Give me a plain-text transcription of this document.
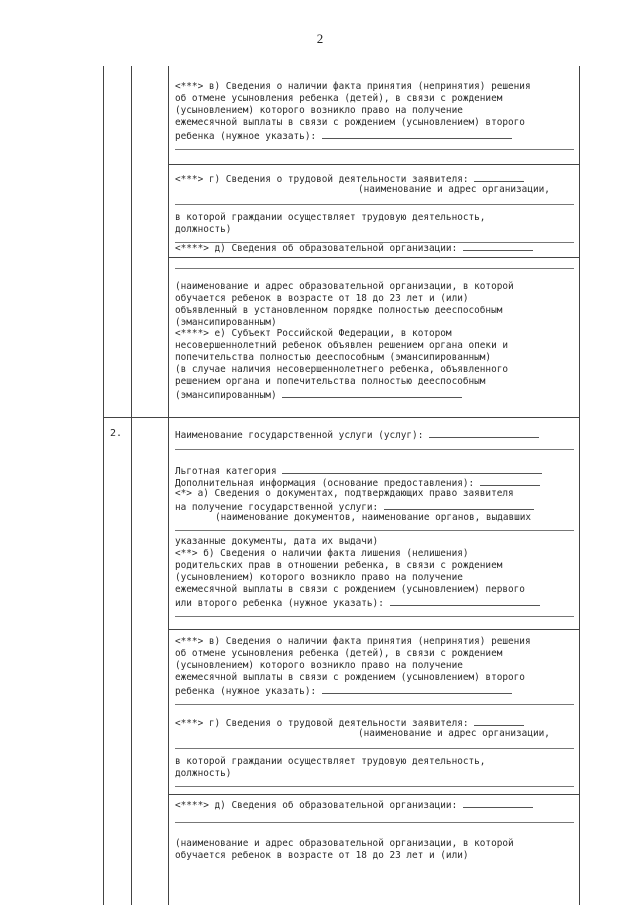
2
2.
<***> в) Сведения о наличии факта принятия (непринятия) решения
об отмене усыновления ребенка (детей), в связи с рождением
(усыновлением) которого возникло право на получение
ежемесячной выплаты в связи с рождением (усыновлением) второго
ребенка (нужное указать):
<***> г) Сведения о трудовой деятельности заявителя:
(наименование и адрес организации,
в которой граждании осуществляет трудовую деятельность,
должность)
<****> д) Сведения об образовательной организации:
(наименование и адрес образовательной организации, в которой
обучается ребенок в возрасте от 18 до 23 лет и (или)
объявленный в установленном порядке полностью дееспособным
(эмансипированным)
<****> е) Субъект Российской Федерации, в котором
несовершеннолетний ребенок объявлен решением органа опеки и
попечительства полностью дееспособным (эмансипированным)
(в случае наличия несовершеннолетнего ребенка, объявленного
решением органа и попечительства полностью дееспособным
(эмансипированным)
Наименование государственной услуги (услуг):
Льготная категория
Дополнительная информация (основание предоставления):
<*> а) Сведения о документах, подтверждающих право заявителя
на получение государственной услуги:
(наименование документов, наименование органов, выдавших
указанные документы, дата их выдачи)
<**> б) Сведения о наличии факта лишения (нелишения)
родительских прав в отношении ребенка, в связи с рождением
(усыновлением) которого возникло право на получение
ежемесячной выплаты в связи с рождением (усыновлением) первого
или второго ребенка (нужное указать):
<***> в) Сведения о наличии факта принятия (непринятия) решения
об отмене усыновления ребенка (детей), в связи с рождением
(усыновлением) которого возникло право на получение
ежемесячной выплаты в связи с рождением (усыновлением) второго
ребенка (нужное указать):
<***> г) Сведения о трудовой деятельности заявителя:
(наименование и адрес организации,
в которой граждании осуществляет трудовую деятельность,
должность)
<****> д) Сведения об образовательной организации:
(наименование и адрес образовательной организации, в которой
обучается ребенок в возрасте от 18 до 23 лет и (или)
